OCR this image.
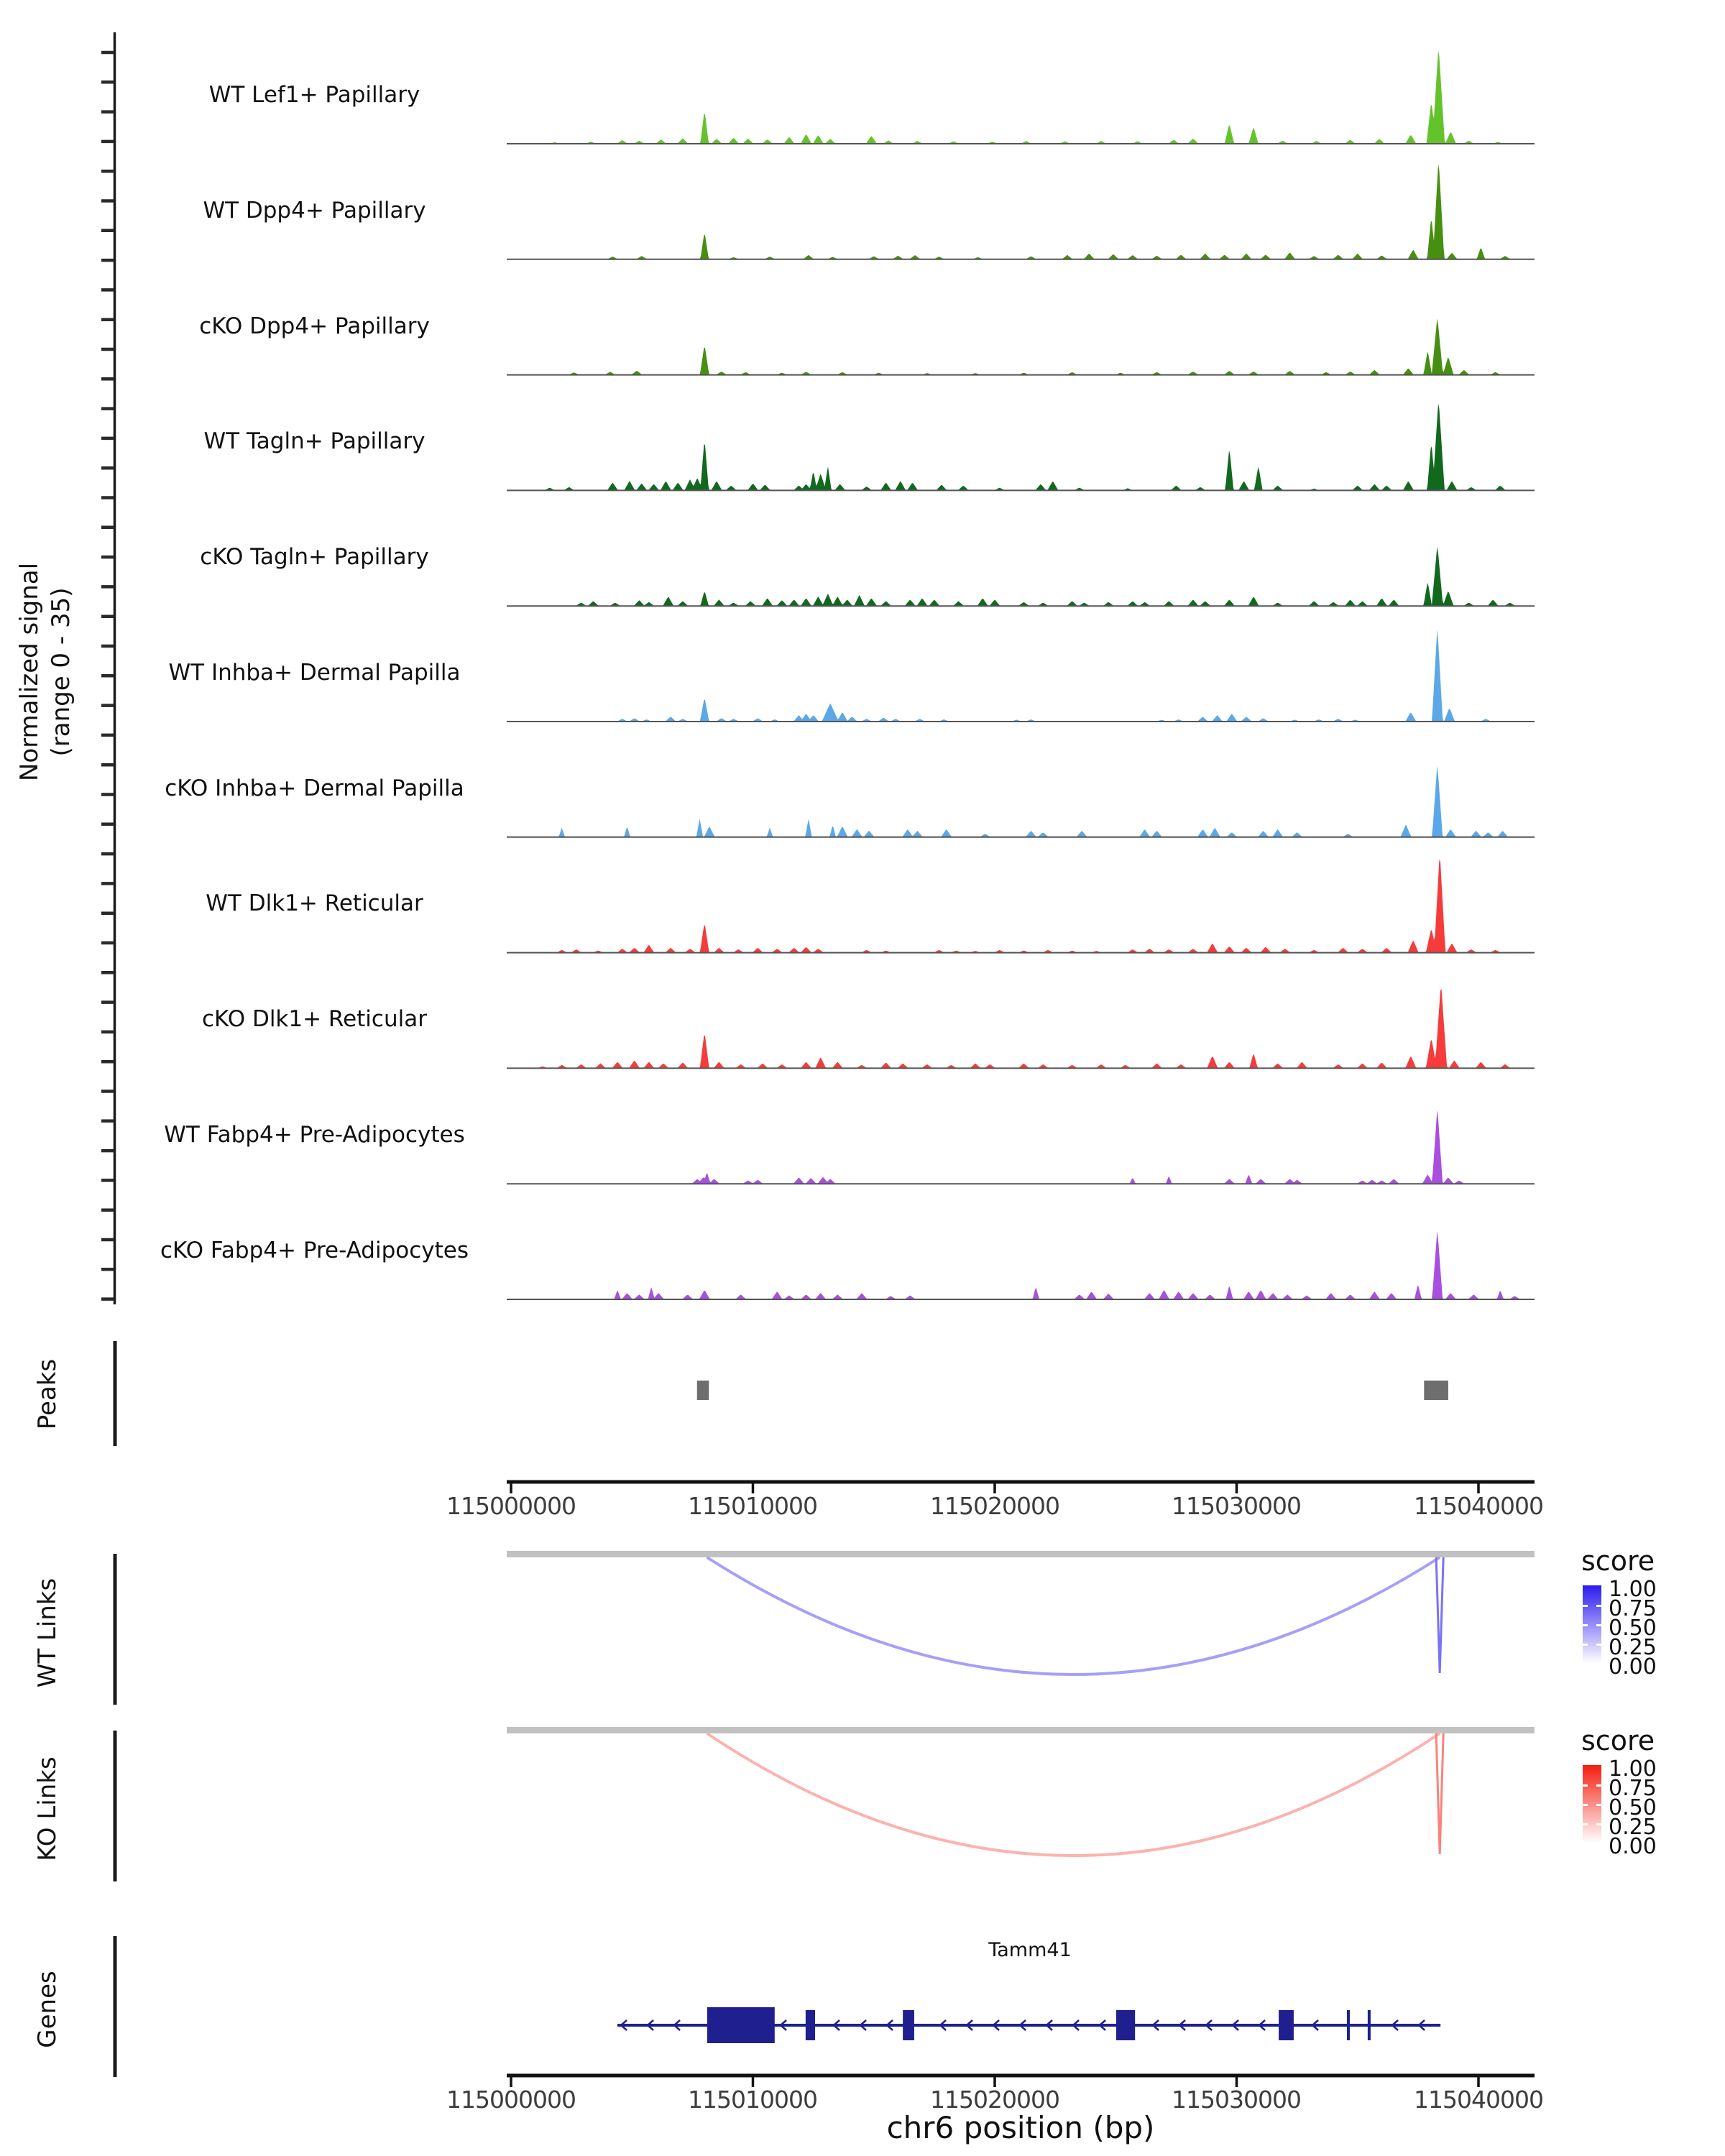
Normalized signal (range 0 - 35)
WT Lef1+ Papillary
WT Dpp4+ Papillary
cKO Dpp4+ Papillary
WT Tagln+ Papillary
cKO Tagln+ Papillary
WT Inhba+ Dermal Papilla
cKO Inhba+ Dermal Papilla
WT Dlk1+ Reticular
cKO Dlk1+ Reticular
WT Fabp4+ Pre-Adipocytes
cKO Fabp4+ Pre-Adipocytes
Peaks
WT Links
KO Links
Genes
115000000	115010000	115020000	115030000	115040000
score
1.00
0.75
0.50
0.25
0.00
score
1.00
0.75
0.50
0.25
0.00
Tamm41
115000000	115010000	115020000	115030000	115040000
chr6 position (bp)
